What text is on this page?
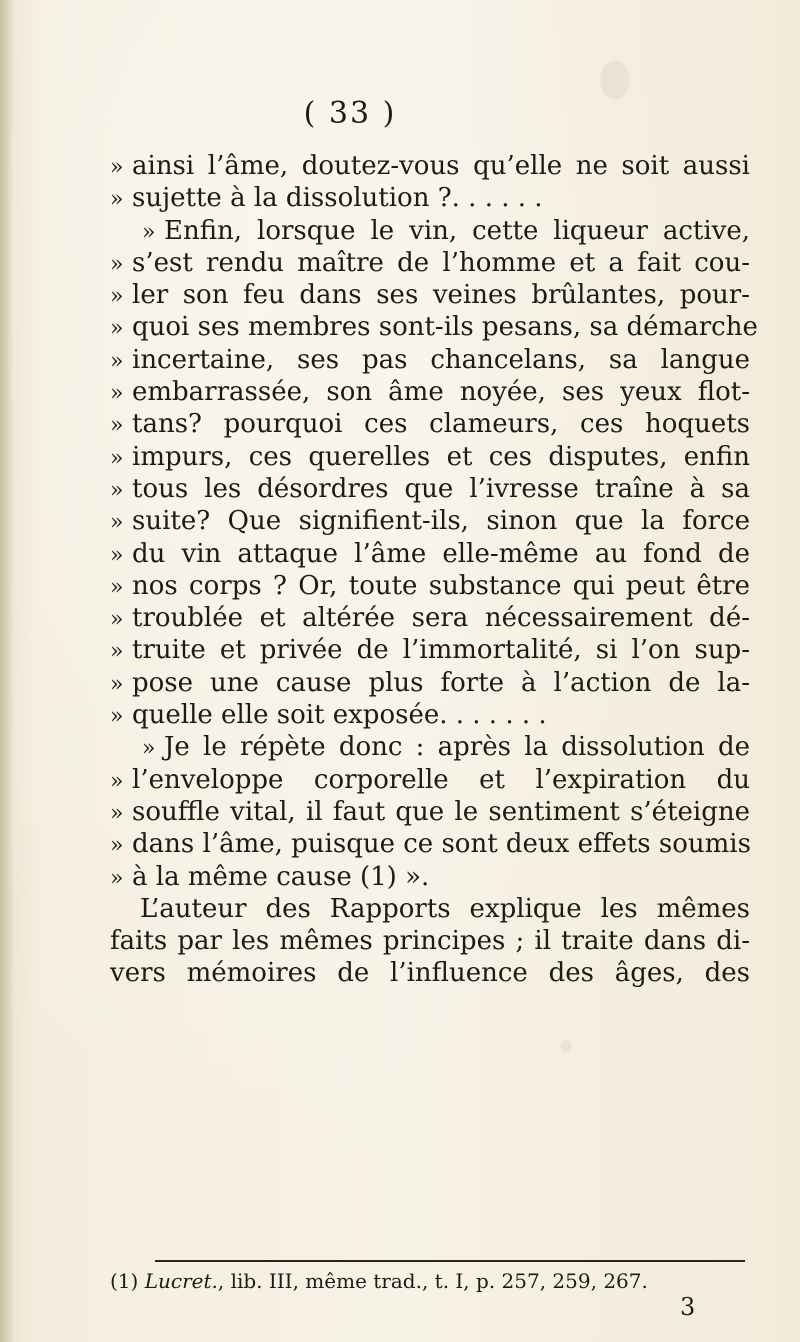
( 33 )
» ainsi l’âme, doutez-vous qu’elle ne soit aussi
» sujette à la dissolution ?. . . . . .
» Enfin, lorsque le vin, cette liqueur active,
» s’est rendu maître de l’homme et a fait cou-
» ler son feu dans ses veines brûlantes, pour-
» quoi ses membres sont-ils pesans, sa démarche
» incertaine, ses pas chancelans, sa langue
» embarrassée, son âme noyée, ses yeux flot-
» tans? pourquoi ces clameurs, ces hoquets
» impurs, ces querelles et ces disputes, enfin
» tous les désordres que l’ivresse traîne à sa
» suite? Que signifient-ils, sinon que la force
» du vin attaque l’âme elle-même au fond de
» nos corps ? Or, toute substance qui peut être
» troublée et altérée sera nécessairement dé-
» truite et privée de l’immortalité, si l’on sup-
» pose une cause plus forte à l’action de la-
» quelle elle soit exposée. . . . . . .
» Je le répète donc : après la dissolution de
» l’enveloppe corporelle et l’expiration du
» souffle vital, il faut que le sentiment s’éteigne
» dans l’âme, puisque ce sont deux effets soumis
» à la même cause (1) ».
L’auteur des Rapports explique les mêmes
faits par les mêmes principes ; il traite dans di-
vers mémoires de l’influence des âges, des
(1) Lucret., lib. III, même trad., t. I, p. 257, 259, 267.
3
